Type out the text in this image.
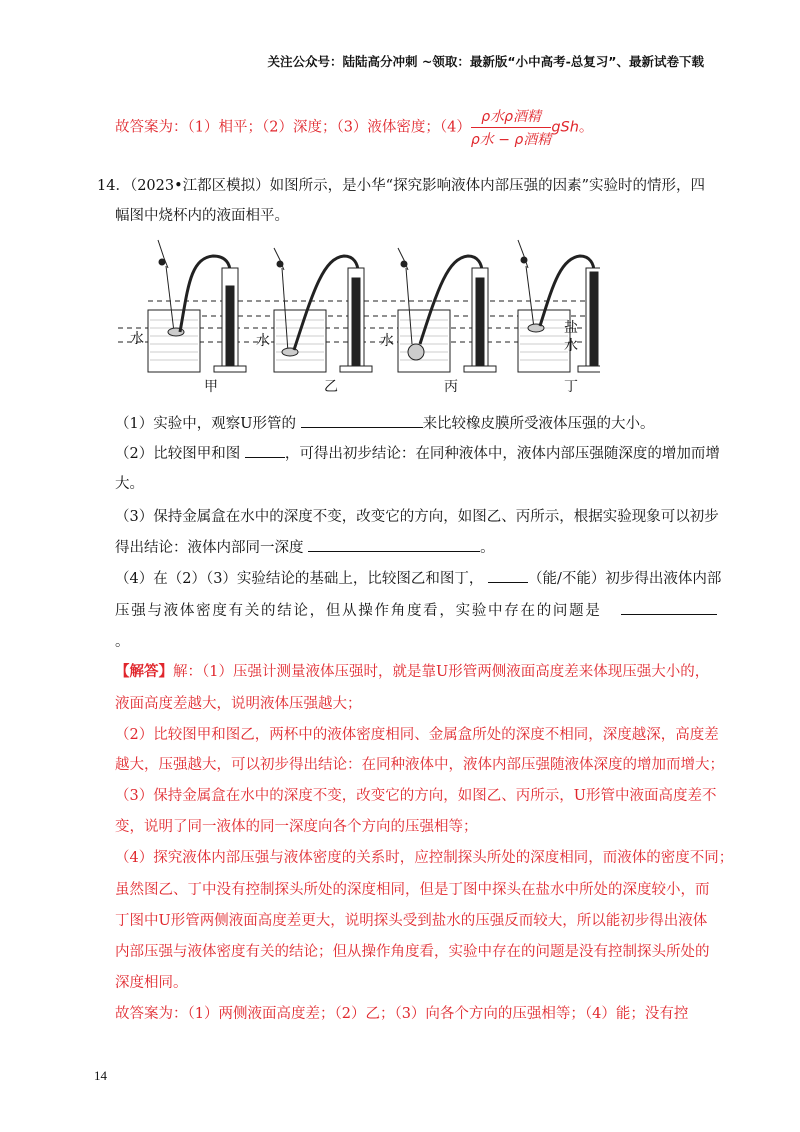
关注公众号：陆陆高分冲刺 ~领取：最新版“小中高考-总复习”、最新试卷下载
故答案为：（1）相平；（2）深度；（3）液体密度；$(4) \frac{\text{ρ水ρ酒精}}{\text{ρ水 − ρ酒精}}$ gSh。
14．（2023•江都区模拟）如图所示，是小华“探究影响液体内部压强的因素”实验时的情形，四
幅图中烧杯内的液面相平。
水	水	水
盐
水
甲	乙	丙	丁
（1）实验中，观察U形管的	来比较橡皮膜所受液体压强的大小。
（2）比较图甲和图	，可得出初步结论：在同种液体中，液体内部压强随深度的增加而增
大。
（3）保持金属盒在水中的深度不变，改变它的方向，如图乙、丙所示，根据实验现象可以初步
得出结论：液体内部同一深度	。
（4）在（2）（3）实验结论的基础上，比较图乙和图丁，	（能/不能）初步得出液体内部
压 强 与 液 体 密 度 有 关 的 结 论 ， 但 从 操 作 角 度 看 ， 实 验 中 存 在 的 问 题 是

。
【解答】解：（1）压强计测量液体压强时，就是靠U形管两侧液面高度差来体现压强大小的，
液面高度差越大，说明液体压强越大；
（2）比较图甲和图乙，两杯中的液体密度相同、金属盒所处的深度不相同，深度越深，高度差
越大，压强越大，可以初步得出结论：在同种液体中，液体内部压强随液体深度的增加而增大；
（3）保持金属盒在水中的深度不变，改变它的方向，如图乙、丙所示，U形管中液面高度差不
变，说明了同一液体的同一深度向各个方向的压强相等；
（4）探究液体内部压强与液体密度的关系时，应控制探头所处的深度相同，而液体的密度不同；
虽然图乙、丁中没有控制探头所处的深度相同，但是丁图中探头在盐水中所处的深度较小，而
丁图中U形管两侧液面高度差更大，说明探头受到盐水的压强反而较大，所以能初步得出液体
内部压强与液体密度有关的结论；但从操作角度看，实验中存在的问题是没有控制探头所处的
深度相同。
故答案为：（1）两侧液面高度差；（2）乙；（3）向各个方向的压强相等；（4）能；没有控
14
